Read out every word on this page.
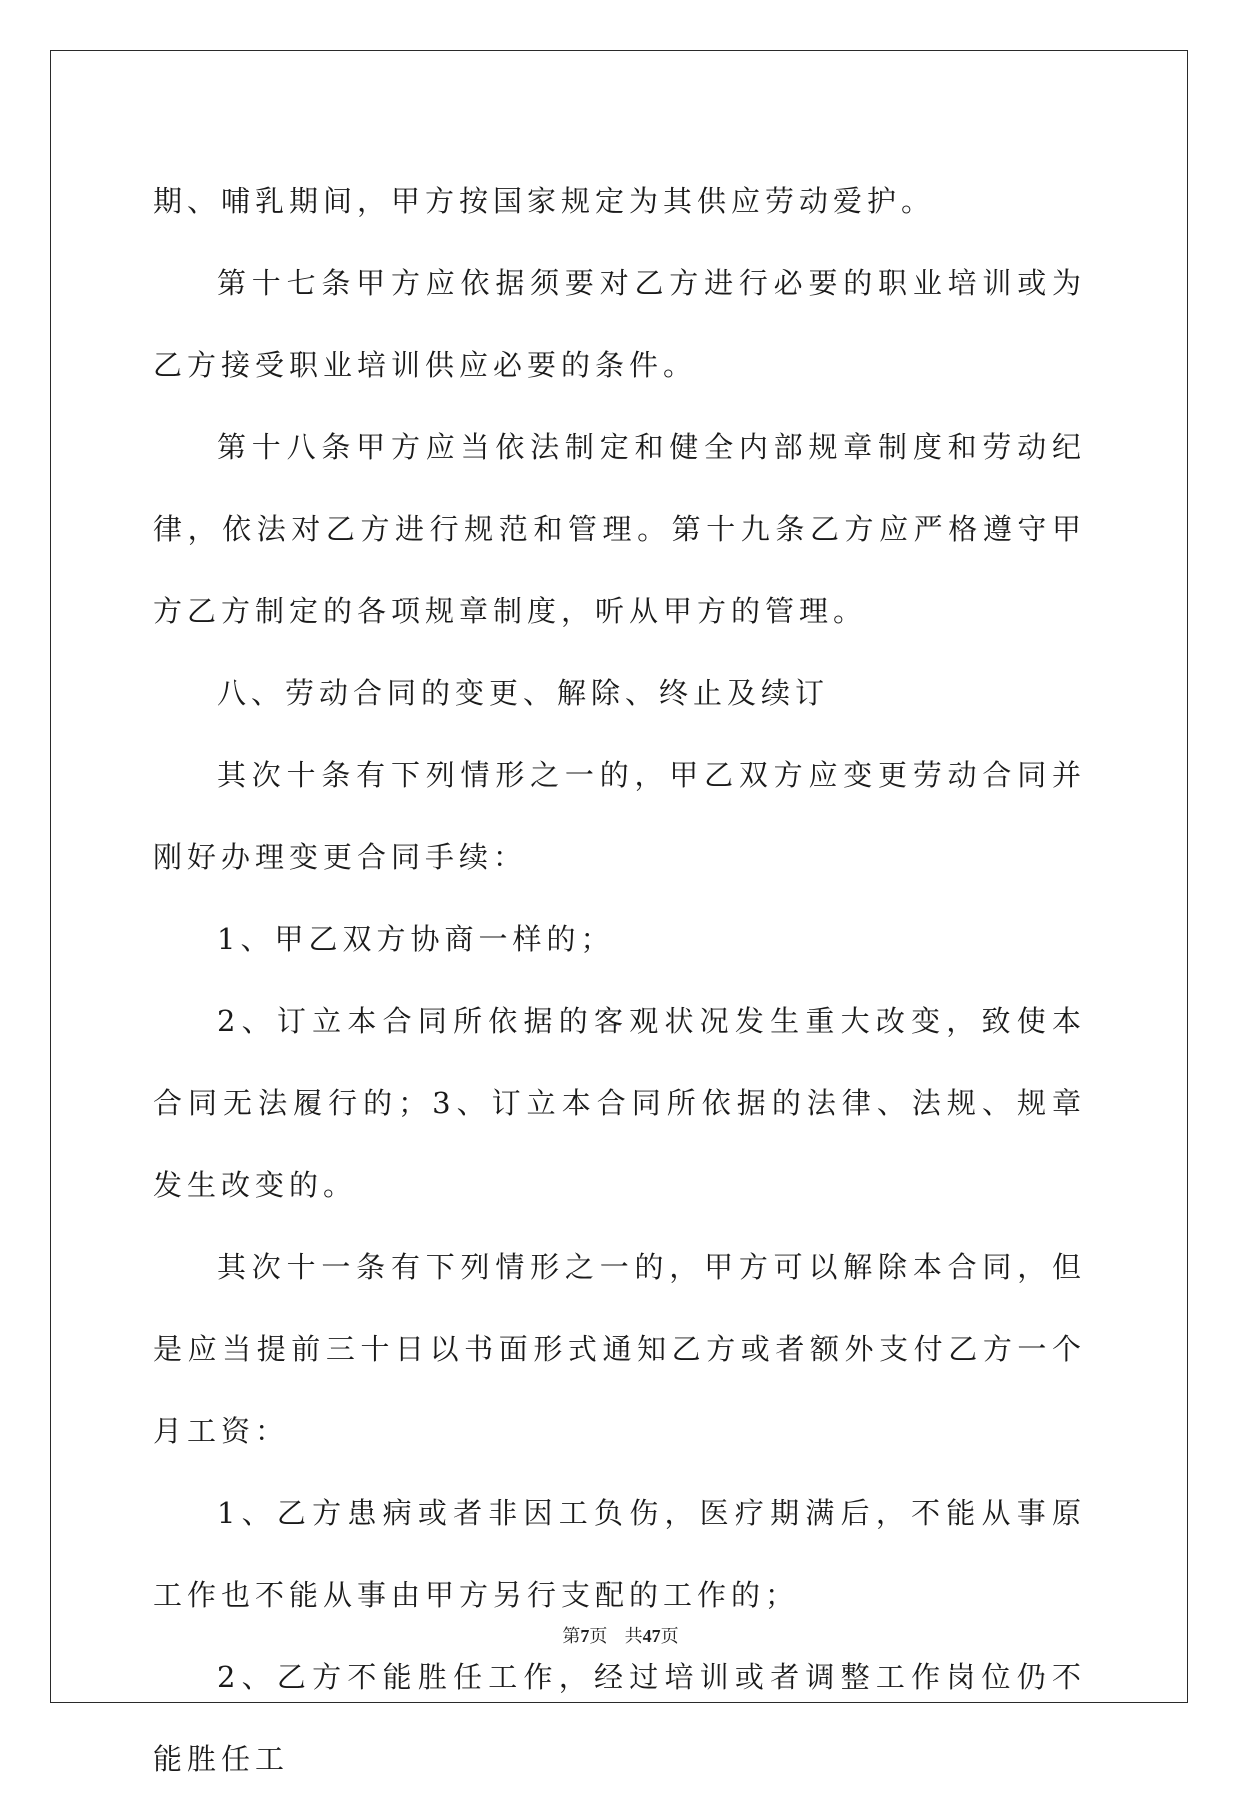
期、哺乳期间，甲方按国家规定为其供应劳动爱护。

第十七条甲方应依据须要对乙方进行必要的职业培训或为乙方接受职业培训供应必要的条件。

第十八条甲方应当依法制定和健全内部规章制度和劳动纪律，依法对乙方进行规范和管理。第十九条乙方应严格遵守甲方乙方制定的各项规章制度，听从甲方的管理。

八、劳动合同的变更、解除、终止及续订

其次十条有下列情形之一的，甲乙双方应变更劳动合同并刚好办理变更合同手续：

1、甲乙双方协商一样的；

2、订立本合同所依据的客观状况发生重大改变，致使本合同无法履行的；3、订立本合同所依据的法律、法规、规章发生改变的。

其次十一条有下列情形之一的，甲方可以解除本合同，但是应当提前三十日以书面形式通知乙方或者额外支付乙方一个月工资：

1、乙方患病或者非因工负伤，医疗期满后，不能从事原工作也不能从事由甲方另行支配的工作的；

2、乙方不能胜任工作，经过培训或者调整工作岗位仍不能胜任工

第7页 共47页
